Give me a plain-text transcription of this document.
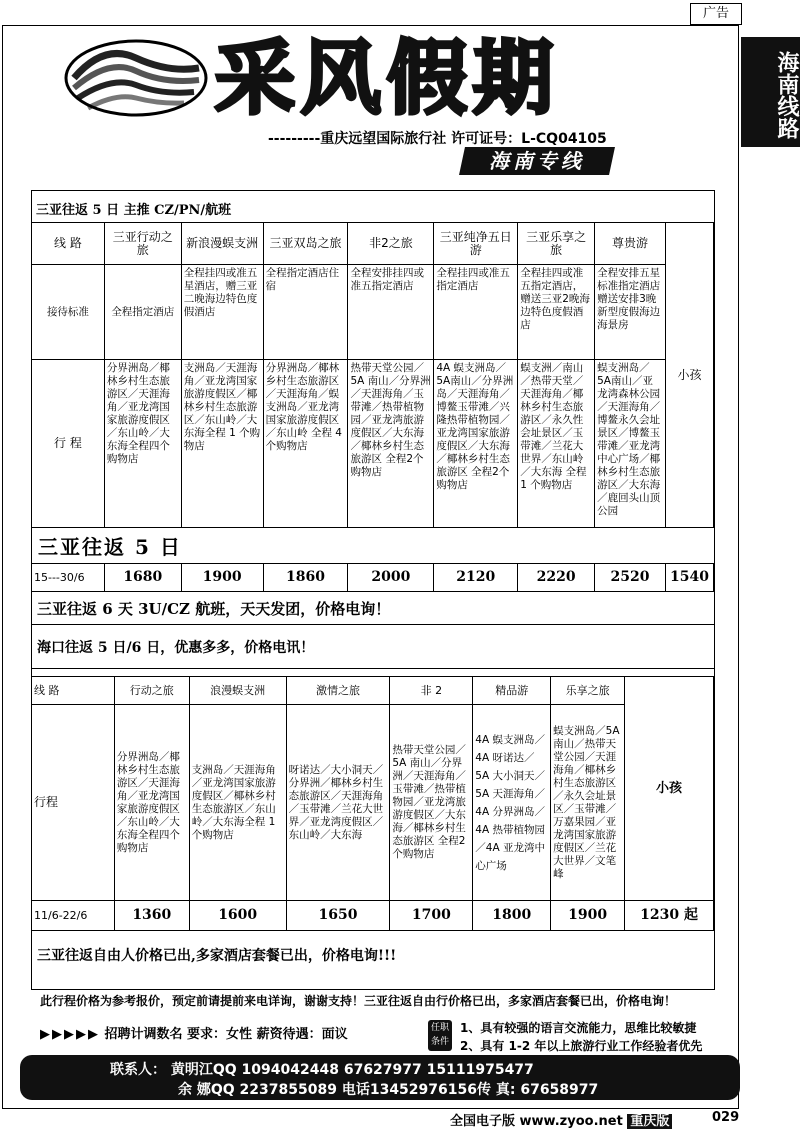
广告
海南线路
采风假期
---------重庆远望国际旅行社 许可证号：L-CQ04105
海南专线
三亚往返 5 日 主推 CZ/PN/航班
线 路	三亚行动之旅	新浪漫蜈支洲	三亚双岛之旅	非2之旅	三亚纯净五日游	三亚乐享之旅	尊贵游	小孩
接待标准	全程指定酒店	全程挂四或准五星酒店，赠三亚二晚海边特色度假酒店	全程指定酒店住宿	全程安排挂四或准五指定酒店	全程挂四或准五指定酒店	全程挂四或准五指定酒店，赠送三亚2晚海边特色度假酒店	全程安排五星标准指定酒店 赠送安排3晚新型度假海边海景房	
行 程	分界洲岛／椰林乡村生态旅游区／天涯海角／亚龙湾国家旅游度假区／东山岭／大东海全程四个购物店	支洲岛／天涯海角／亚龙湾国家旅游度假区／椰林乡村生态旅游区／东山岭／大东海全程 1 个购物店	分界洲岛／椰林乡村生态旅游区／天涯海角／蜈支洲岛／亚龙湾国家旅游度假区／东山岭 全程 4个购物店	热带天堂公园／5A 南山／分界洲／天涯海角／玉带滩／热带植物园／亚龙湾旅游度假区／大东海／椰林乡村生态旅游区 全程2个购物店	4A 蜈支洲岛／5A南山／分界洲岛／天涯海角／博鳌玉带滩／兴隆热带植物园／亚龙湾国家旅游度假区／大东海／椰林乡村生态旅游区 全程2个购物店	蜈支洲／南山／热带天堂／天涯海角／椰林乡村生态旅游区／永久性会址景区／玉带滩／兰花大世界／东山岭／大东海 全程 1 个购物店	蜈支洲岛／5A南山／亚龙湾森林公园／天涯海角／博鳌永久会址景区／博鳌玉带滩／亚龙湾中心广场／椰林乡村生态旅游区／大东海／鹿回头山顶公园	
三亚往返 5 日
15---30/6	1680	1900	1860	2000	2120	2220	2520	1540
三亚往返 6 天 3U/CZ 航班，天天发团，价格电询！
海口往返 5 日/6 日，优惠多多，价格电讯！
线 路	行动之旅	浪漫蜈支洲	激情之旅	非 2	精品游	乐享之旅	小孩
行程	分界洲岛／椰林乡村生态旅游区／天涯海角／亚龙湾国家旅游度假区／东山岭／大东海全程四个购物店	支洲岛／天涯海角／亚龙湾国家旅游度假区／椰林乡村生态旅游区／东山岭／大东海全程 1 个购物店	呀诺达／大小洞天／分界洲／椰林乡村生态旅游区／天涯海角／玉带滩／兰花大世界／亚龙湾度假区／东山岭／大东海	热带天堂公园／5A 南山／分界洲／天涯海角／玉带滩／热带植物园／亚龙湾旅游度假区／大东海／椰林乡村生态旅游区 全程2个购物店	4A 蜈支洲岛／4A 呀诺达／5A 大小洞天／5A 天涯海角／4A 分界洲岛／4A 热带植物园／4A 亚龙湾中心广场	蜈支洲岛／5A 南山／热带天堂公园／天涯海角／椰林乡村生态旅游区／永久会址景区／玉带滩／万嘉果园／亚龙湾国家旅游度假区／兰花大世界／文笔峰	
11/6-22/6	1360	1600	1650	1700	1800	1900	1230 起
三亚往返自由人价格已出,多家酒店套餐已出，价格电询!!!
此行程价格为参考报价，预定前请提前来电详询，谢谢支持！三亚往返自由行价格已出，多家酒店套餐已出，价格电询！
▶▶▶▶▶ 招聘计调数名 要求：女性 薪资待遇：面议	任职条件
1、具有较强的语言交流能力，思维比较敏捷
2、具有 1-2 年以上旅游行业工作经验者优先
联系人： 黄明江QQ 1094042448 67627977 15111975477
余 娜QQ 2237855089 电话13452976156传 真: 67658977
全国电子版 www.zyoo.net 重庆版	029
